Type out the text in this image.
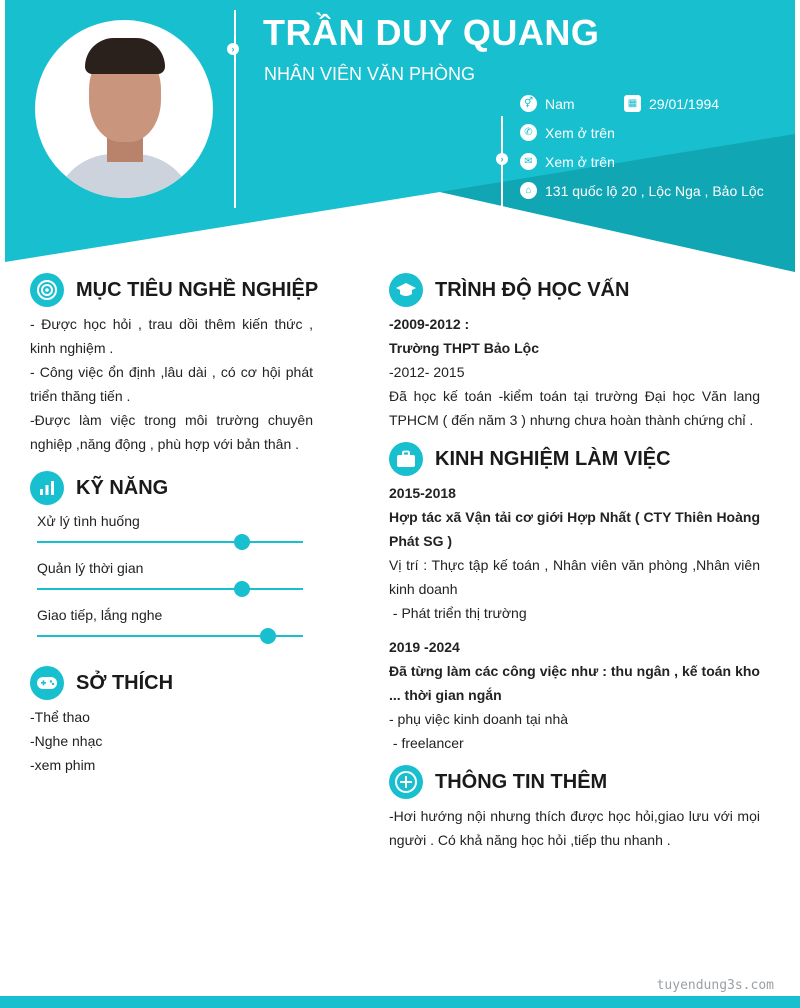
› TRẦN DUY QUANG
NHÂN VIÊN VĂN PHÒNG
›
⚥ Nam	▦ 29/01/1994
✆ Xem ở trên
✉ Xem ở trên
⌂ 131 quốc lộ 20 , Lộc Nga , Bảo Lộc
MỤC TIÊU NGHỀ NGHIỆP

- Được học hỏi , trau dồi thêm kiến thức , kinh nghiệm .

- Công việc ổn định ,lâu dài , có cơ hội phát triển thăng tiến .

-Được làm việc trong môi trường chuyên nghiệp ,năng động , phù hợp với bản thân .

KỸ NĂNG
Xử lý tình huống
Quản lý thời gian
Giao tiếp, lắng nghe
SỞ THÍCH
-Thể thao
-Nghe nhạc
-xem phim
TRÌNH ĐỘ HỌC VẤN

-2009-2012 :

Trường THPT Bảo Lộc

-2012- 2015

Đã học kế toán -kiểm toán tại trường Đại học Văn lang TPHCM ( đến năm 3 ) nhưng chưa hoàn thành chứng chỉ .

KINH NGHIỆM LÀM VIỆC

2015-2018

Hợp tác xã Vận tải cơ giới Hợp Nhất ( CTY Thiên Hoàng Phát SG )

Vị trí : Thực tập kế toán , Nhân viên văn phòng ,Nhân viên kinh doanh

- Phát triển thị trường

2019 -2024

Đã từng làm các công việc như : thu ngân , kế toán kho ... thời gian ngắn

- phụ việc kinh doanh tại nhà

- freelancer

THÔNG TIN THÊM

-Hơi hướng nội nhưng thích được học hỏi,giao lưu với mọi người . Có khả năng học hỏi ,tiếp thu nhanh .

tuyendung3s.com
